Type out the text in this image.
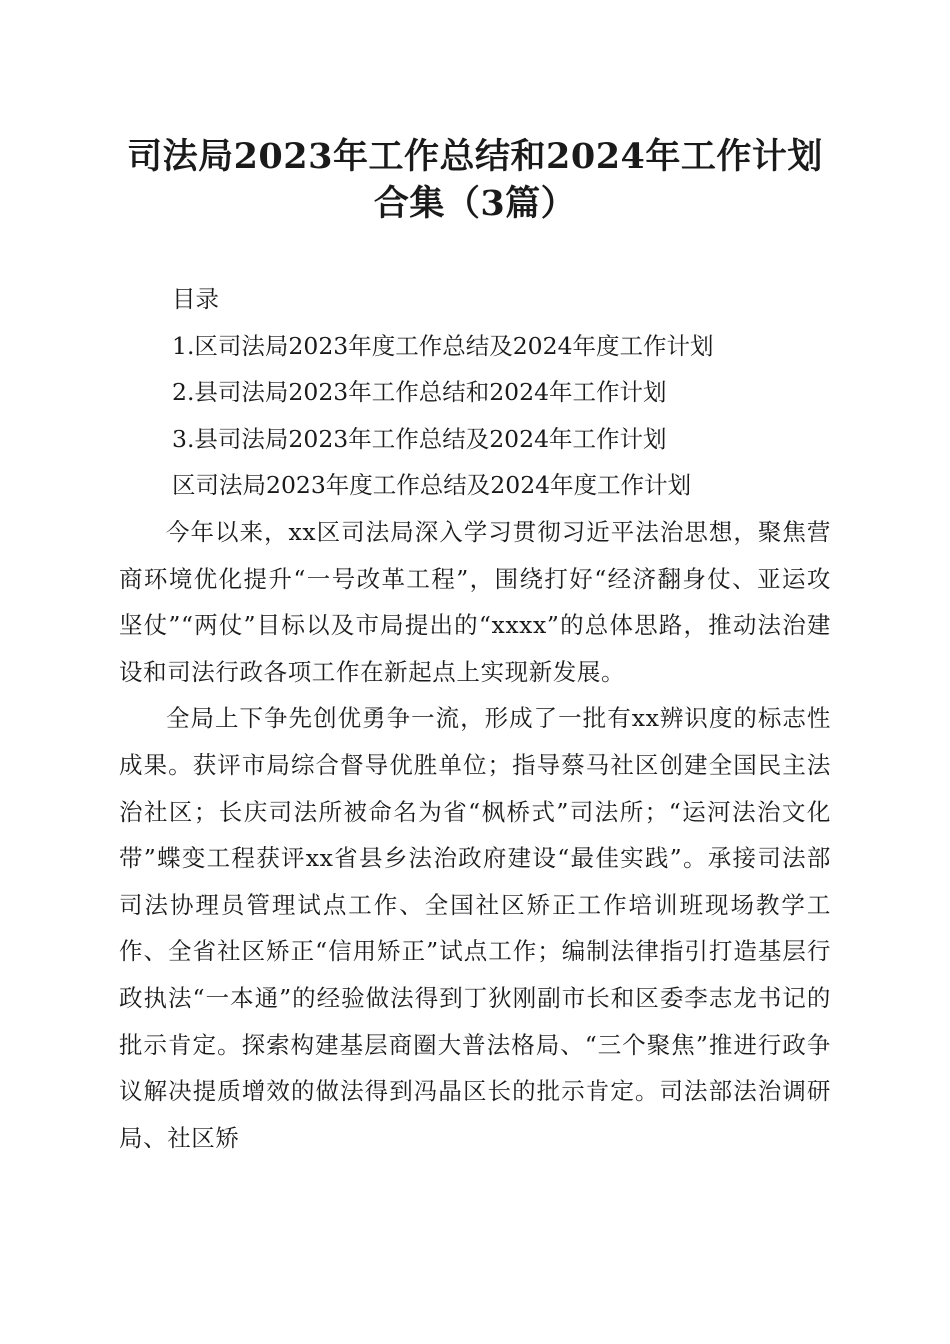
司法局2023年工作总结和2024年工作计划合集（3篇）

目录

1.区司法局2023年度工作总结及2024年度工作计划

2.县司法局2023年工作总结和2024年工作计划

3.县司法局2023年工作总结及2024年工作计划

区司法局2023年度工作总结及2024年度工作计划

今年以来，xx区司法局深入学习贯彻习近平法治思想，聚焦营商环境优化提升“一号改革工程”，围绕打好“经济翻身仗、亚运攻坚仗”“两仗”目标以及市局提出的“xxxx”的总体思路，推动法治建设和司法行政各项工作在新起点上实现新发展。

全局上下争先创优勇争一流，形成了一批有xx辨识度的标志性成果。获评市局综合督导优胜单位；指导蔡马社区创建全国民主法治社区；长庆司法所被命名为省“枫桥式”司法所；“运河法治文化带”蝶变工程获评xx省县乡法治政府建设“最佳实践”。承接司法部司法协理员管理试点工作、全国社区矫正工作培训班现场教学工作、全省社区矫正“信用矫正”试点工作；编制法律指引打造基层行政执法“一本通”的经验做法得到丁狄刚副市长和区委李志龙书记的批示肯定。探索构建基层商圈大普法格局、“三个聚焦”推进行政争议解决提质增效的做法得到冯晶区长的批示肯定。司法部法治调研局、社区矫
